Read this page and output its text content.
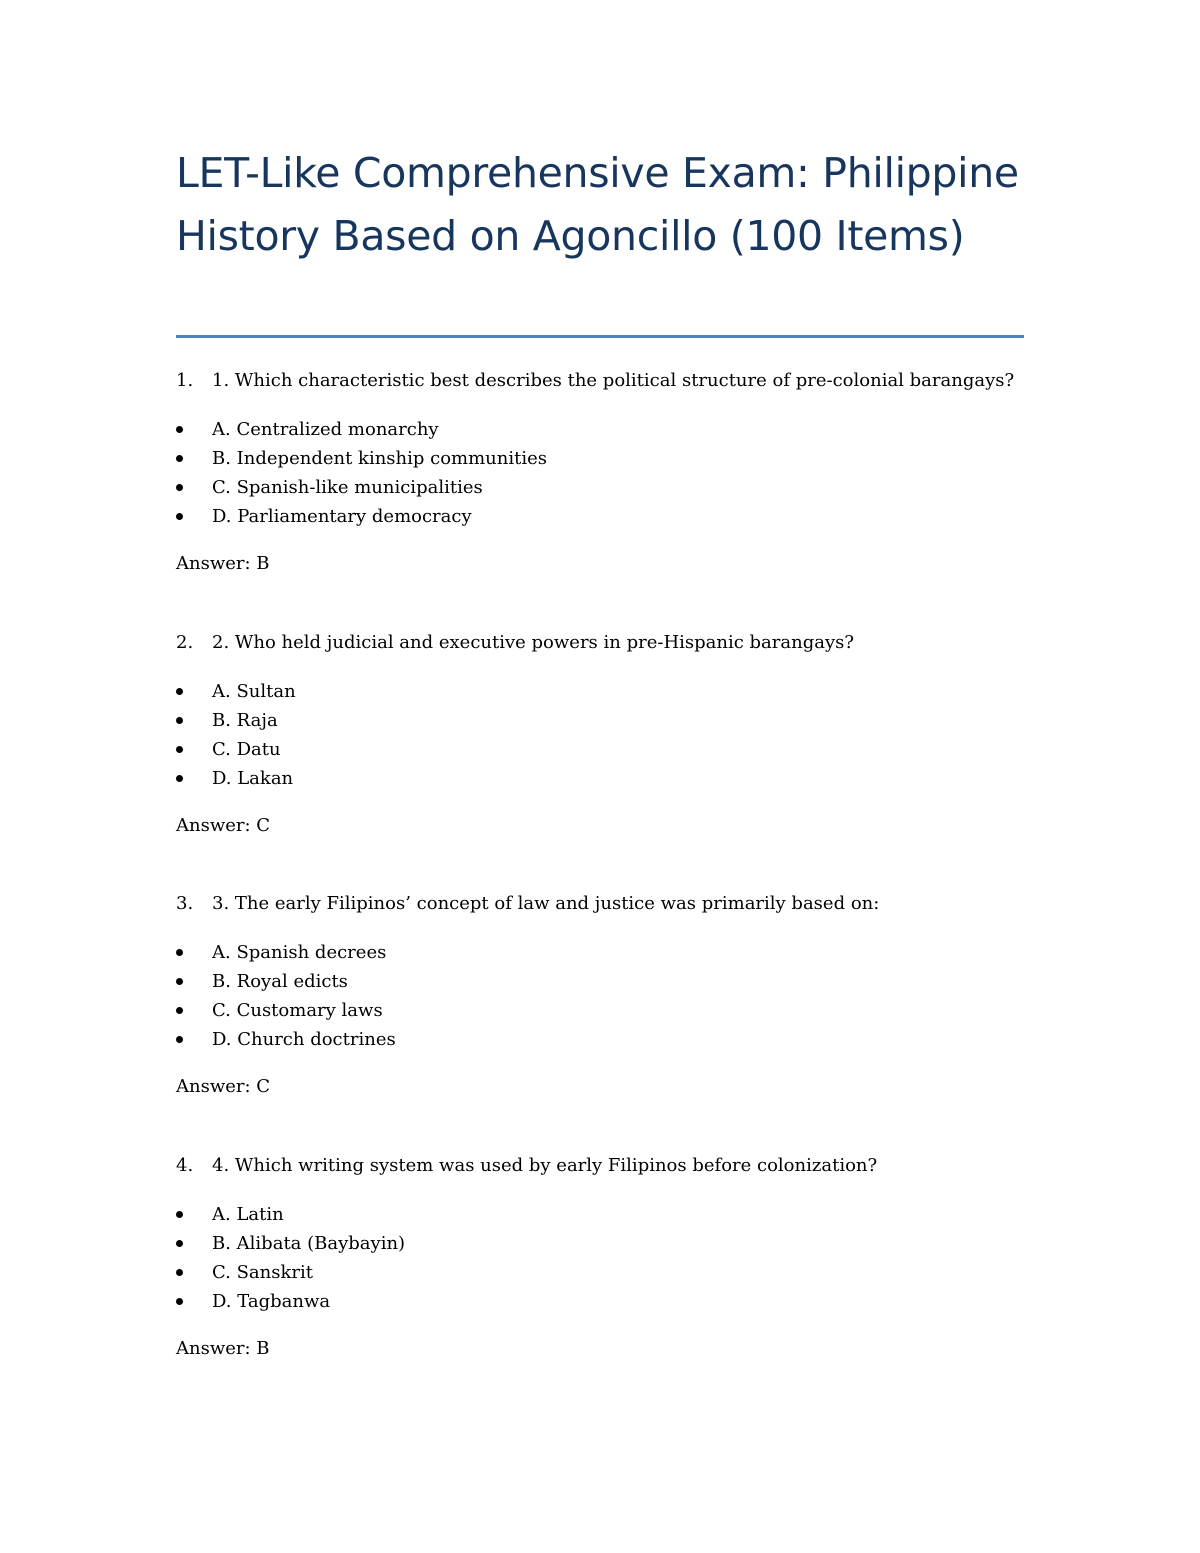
LET-Like Comprehensive Exam: Philippine History Based on Agoncillo (100 Items)
1. 1. Which characteristic best describes the political structure of pre-colonial barangays?
A. Centralized monarchy
B. Independent kinship communities
C. Spanish-like municipalities
D. Parliamentary democracy
Answer: B
2. 2. Who held judicial and executive powers in pre-Hispanic barangays?
A. Sultan
B. Raja
C. Datu
D. Lakan
Answer: C
3. 3. The early Filipinos’ concept of law and justice was primarily based on:
A. Spanish decrees
B. Royal edicts
C. Customary laws
D. Church doctrines
Answer: C
4. 4. Which writing system was used by early Filipinos before colonization?
A. Latin
B. Alibata (Baybayin)
C. Sanskrit
D. Tagbanwa
Answer: B
